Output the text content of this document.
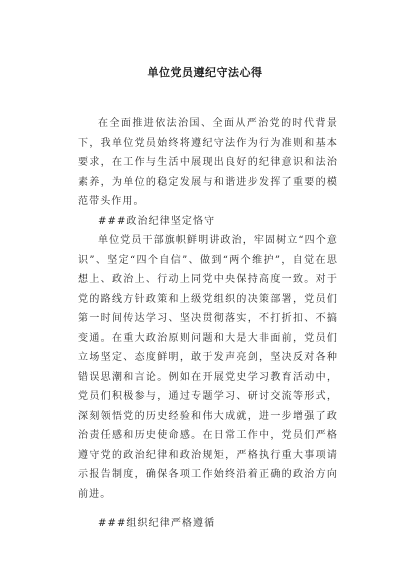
单位党员遵纪守法心得

在全面推进依法治国、全面从严治党的时代背景下，我单位党员始终将遵纪守法作为行为准则和基本要求，在工作与生活中展现出良好的纪律意识和法治素养，为单位的稳定发展与和谐进步发挥了重要的模范带头作用。

###政治纪律坚定恪守

单位党员干部旗帜鲜明讲政治，牢固树立“四个意识”、坚定“四个自信”、做到“两个维护”，自觉在思想上、政治上、行动上同党中央保持高度一致。对于党的路线方针政策和上级党组织的决策部署，党员们第一时间传达学习、坚决贯彻落实，不打折扣、不搞变通。在重大政治原则问题和大是大非面前，党员们立场坚定、态度鲜明，敢于发声亮剑，坚决反对各种错误思潮和言论。例如在开展党史学习教育活动中，党员们积极参与，通过专题学习、研讨交流等形式，深刻领悟党的历史经验和伟大成就，进一步增强了政治责任感和历史使命感。在日常工作中，党员们严格遵守党的政治纪律和政治规矩，严格执行重大事项请示报告制度，确保各项工作始终沿着正确的政治方向前进。

###组织纪律严格遵循
